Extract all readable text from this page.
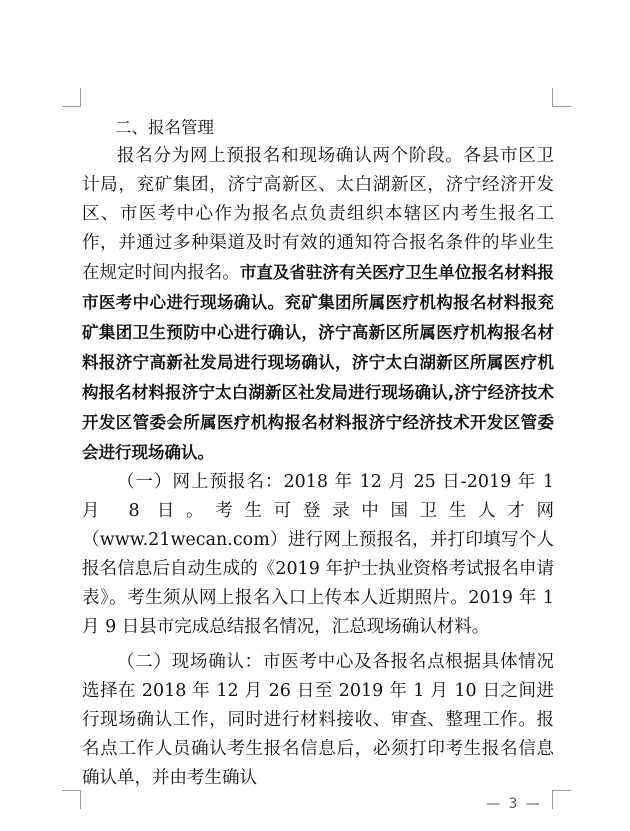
二、报名管理

报名分为网上预报名和现场确认两个阶段。各县市区卫计局，兖矿集团，济宁高新区、太白湖新区，济宁经济开发区、市医考中心作为报名点负责组织本辖区内考生报名工作，并通过多种渠道及时有效的通知符合报名条件的毕业生在规定时间内报名。市直及省驻济有关医疗卫生单位报名材料报市医考中心进行现场确认。兖矿集团所属医疗机构报名材料报兖矿集团卫生预防中心进行确认，济宁高新区所属医疗机构报名材料报济宁高新社发局进行现场确认，济宁太白湖新区所属医疗机构报名材料报济宁太白湖新区社发局进行现场确认,济宁经济技术开发区管委会所属医疗机构报名材料报济宁经济技术开发区管委会进行现场确认。

（一）网上预报名：2018 年 12 月 25 日-2019 年 1 月 8 日。考生可登录中国卫生人才网（www.21wecan.com）进行网上预报名，并打印填写个人报名信息后自动生成的《2019 年护士执业资格考试报名申请表》。考生须从网上报名入口上传本人近期照片。2019 年 1 月 9 日县市完成总结报名情况，汇总现场确认材料。

（二）现场确认：市医考中心及各报名点根据具体情况选择在 2018 年 12 月 26 日至 2019 年 1 月 10 日之间进行现场确认工作，同时进行材料接收、审查、整理工作。报名点工作人员确认考生报名信息后，必须打印考生报名信息确认单，并由考生确认

— 3 —
